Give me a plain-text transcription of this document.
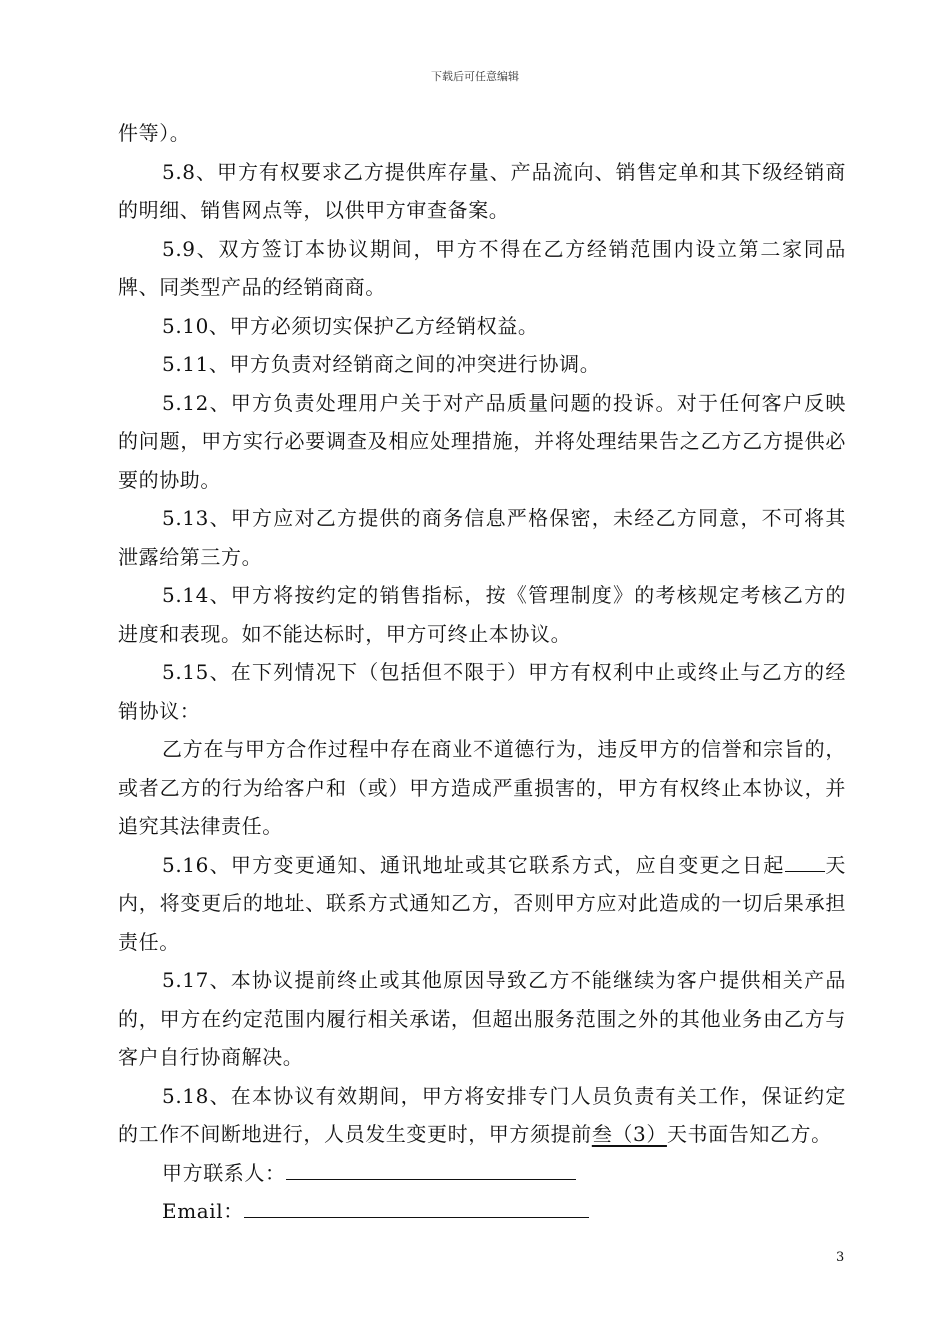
下载后可任意编辑

件等）。

5.8、甲方有权要求乙方提供库存量、产品流向、销售定单和其下级经销商的明细、销售网点等，以供甲方审查备案。

5.9、双方签订本协议期间，甲方不得在乙方经销范围内设立第二家同品牌、同类型产品的经销商商。

5.10、甲方必须切实保护乙方经销权益。

5.11、甲方负责对经销商之间的冲突进行协调。

5.12、甲方负责处理用户关于对产品质量问题的投诉。对于任何客户反映的问题，甲方实行必要调查及相应处理措施，并将处理结果告之乙方乙方提供必要的协助。

5.13、甲方应对乙方提供的商务信息严格保密，未经乙方同意，不可将其泄露给第三方。

5.14、甲方将按约定的销售指标，按《管理制度》的考核规定考核乙方的进度和表现。如不能达标时，甲方可终止本协议。

5.15、在下列情况下（包括但不限于）甲方有权利中止或终止与乙方的经销协议：

乙方在与甲方合作过程中存在商业不道德行为，违反甲方的信誉和宗旨的，或者乙方的行为给客户和（或）甲方造成严重损害的，甲方有权终止本协议，并追究其法律责任。

5.16、甲方变更通知、通讯地址或其它联系方式，应自变更之日起 天内，将变更后的地址、联系方式通知乙方，否则甲方应对此造成的一切后果承担责任。

5.17、本协议提前终止或其他原因导致乙方不能继续为客户提供相关产品的，甲方在约定范围内履行相关承诺，但超出服务范围之外的其他业务由乙方与客户自行协商解决。

5.18、在本协议有效期间，甲方将安排专门人员负责有关工作，保证约定的工作不间断地进行，人员发生变更时，甲方须提前叁（3）天书面告知乙方。

甲方联系人：

Email：

3
